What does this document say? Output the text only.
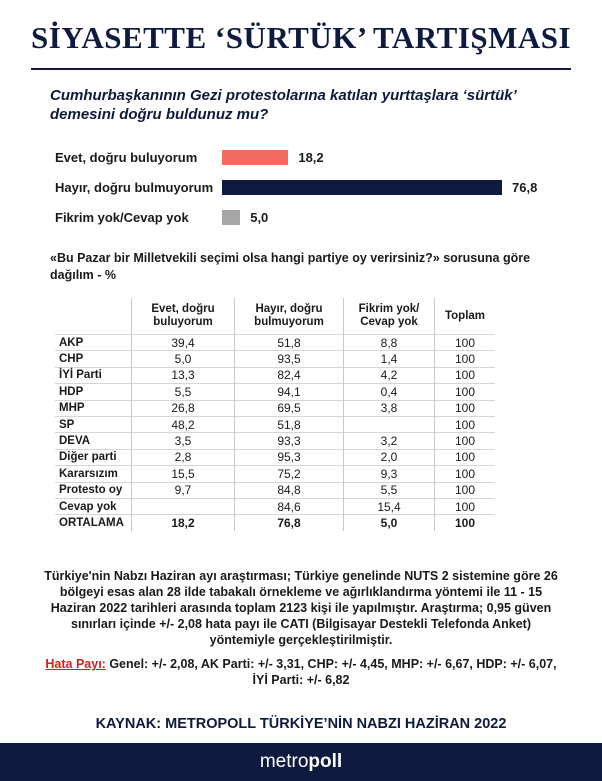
SİYASETTE ‘SÜRTÜK’ TARTIŞMASI
Cumhurbaşkanının Gezi protestolarına katılan yurttaşlara ‘sürtük’ demesini doğru buldunuz mu?
Evet, doğru buluyorum	18,2
Hayır, doğru bulmuyorum	76,8
Fikrim yok/Cevap yok	5,0
«Bu Pazar bir Milletvekili seçimi olsa hangi partiye oy verirsiniz?» sorusuna göre dağılım - %
	Evet, doğru buluyorum	Hayır, doğru bulmuyorum	Fikrim yok/ Cevap yok	Toplam
AKP	39,4	51,8	8,8	100
CHP	5,0	93,5	1,4	100
İYİ Parti	13,3	82,4	4,2	100
HDP	5,5	94,1	0,4	100
MHP	26,8	69,5	3,8	100
SP	48,2	51,8		100
DEVA	3,5	93,3	3,2	100
Diğer parti	2,8	95,3	2,0	100
Kararsızım	15,5	75,2	9,3	100
Protesto oy	9,7	84,8	5,5	100
Cevap yok		84,6	15,4	100
ORTALAMA	18,2	76,8	5,0	100
Türkiye'nin Nabzı Haziran ayı araştırması; Türkiye genelinde NUTS 2 sistemine göre 26 bölgeyi esas alan 28 ilde tabakalı örnekleme ve ağırlıklandırma yöntemi ile 11 - 15 Haziran 2022 tarihleri arasında toplam 2123 kişi ile yapılmıştır. Araştırma; 0,95 güven sınırları içinde +/- 2,08 hata payı ile CATI (Bilgisayar Destekli Telefonda Anket) yöntemiyle gerçekleştirilmiştir.
Hata Payı: Genel: +/- 2,08, AK Parti: +/- 3,31, CHP: +/- 4,45, MHP: +/- 6,67, HDP: +/- 6,07, İYİ Parti: +/- 6,82
KAYNAK: METROPOLL TÜRKİYE’NİN NABZI HAZİRAN 2022
metropoll
